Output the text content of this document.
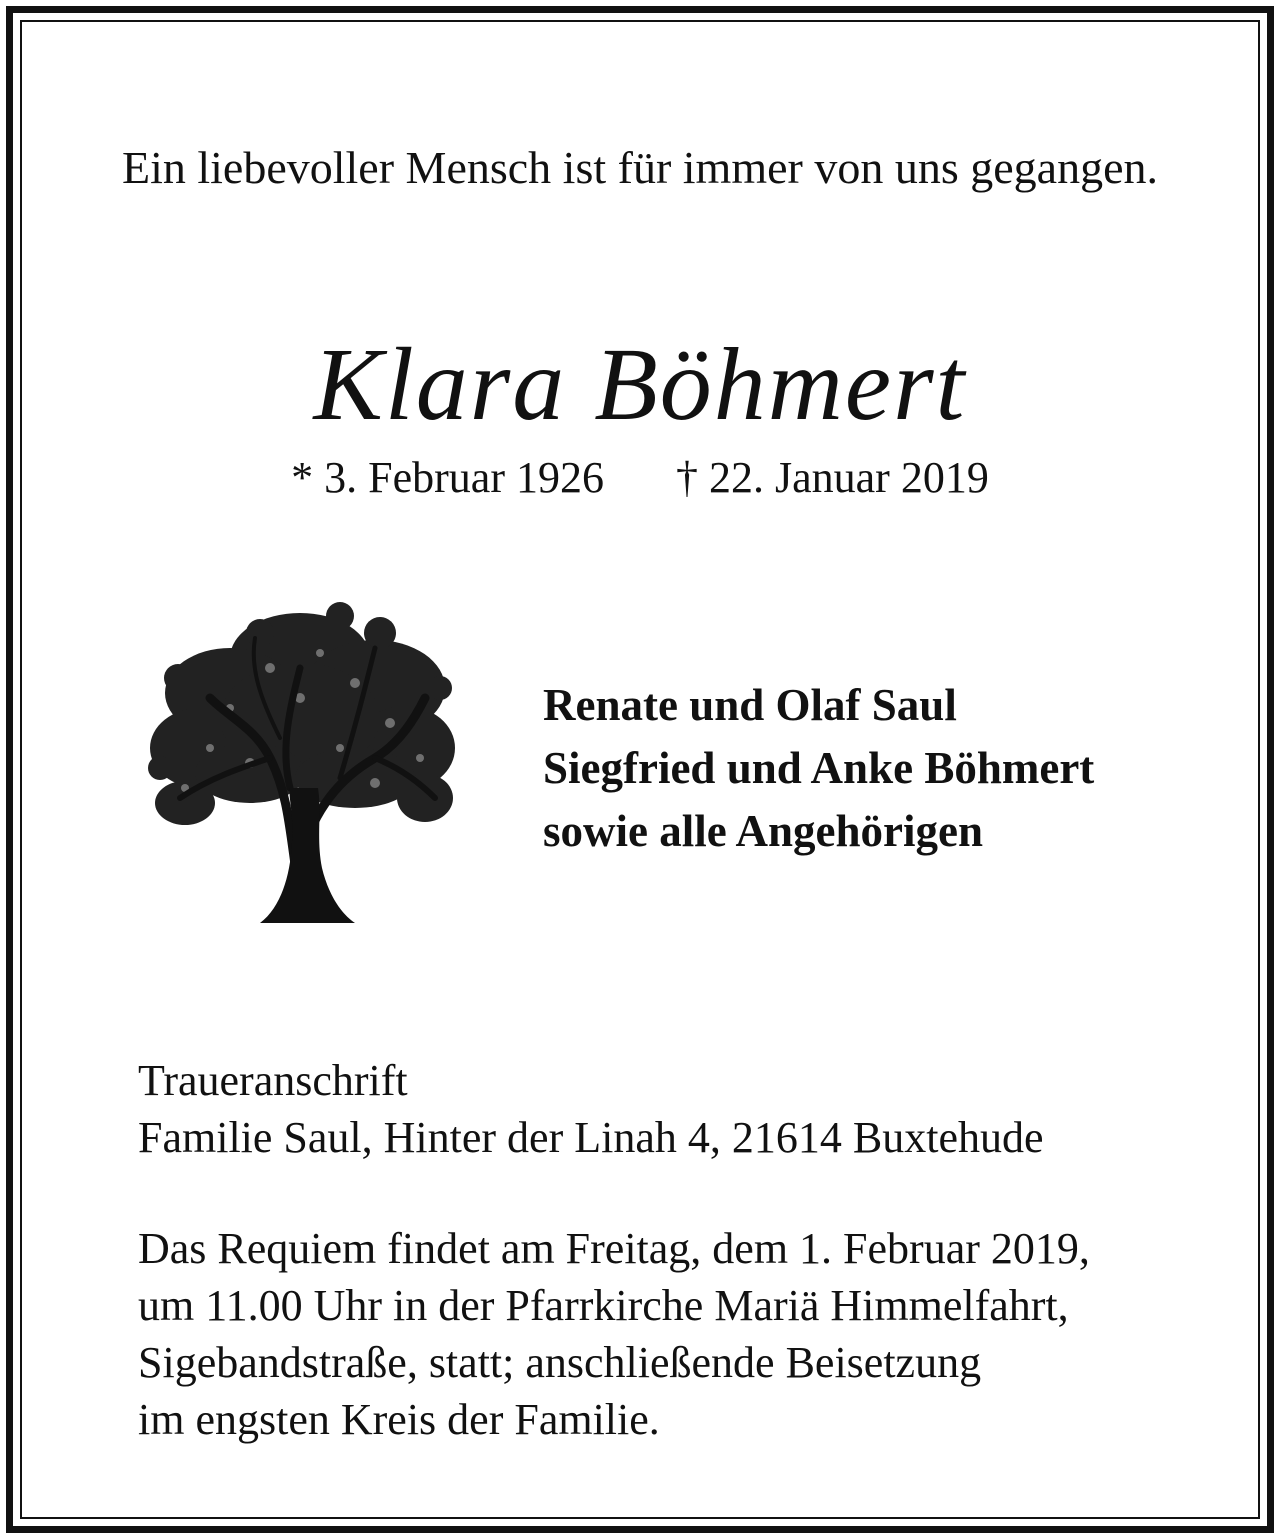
Ein liebevoller Mensch ist für immer von uns gegangen.
Klara Böhmert
* 3. Februar 1926 † 22. Januar 2019
Renate und Olaf Saul
Siegfried und Anke Böhmert
sowie alle Angehörigen
Traueranschrift
Familie Saul, Hinter der Linah 4, 21614 Buxtehude
Das Requiem findet am Freitag, dem 1. Februar 2019,
um 11.00 Uhr in der Pfarrkirche Mariä Himmelfahrt,
Sigebandstraße, statt; anschließende Beisetzung
im engsten Kreis der Familie.
